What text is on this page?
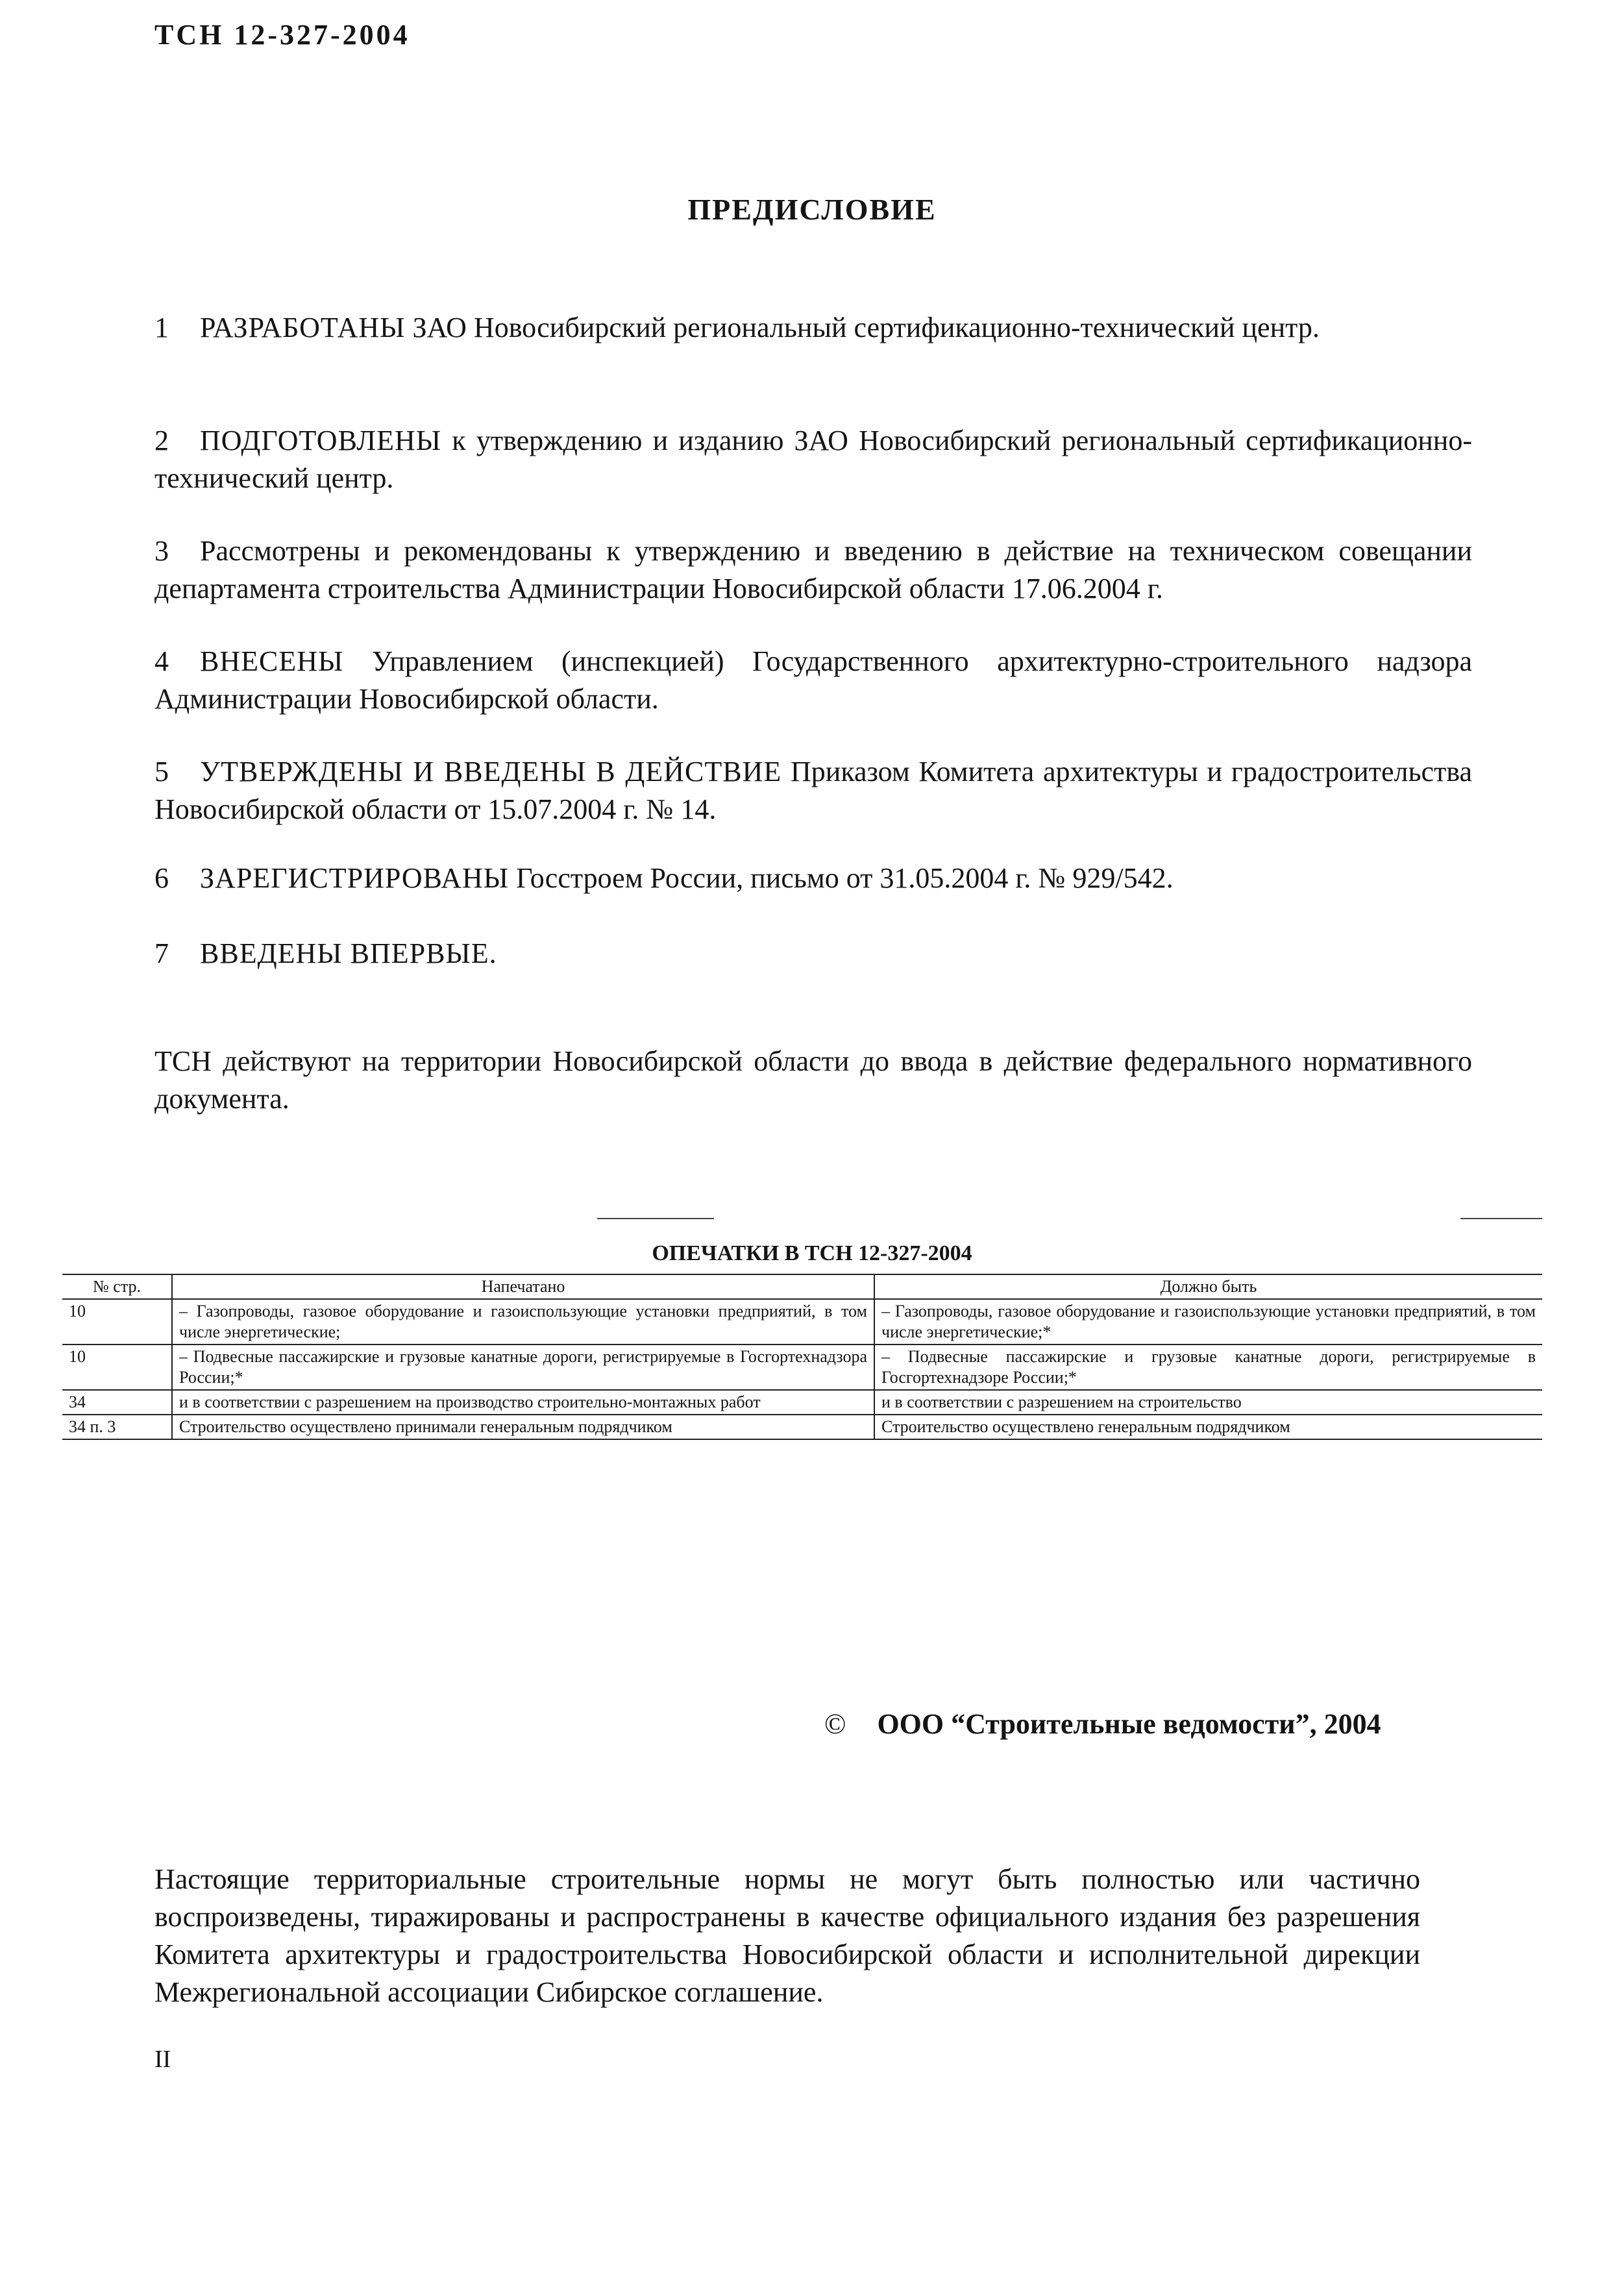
ТСН 12-327-2004
ПРЕДИСЛОВИЕ
1 РАЗРАБОТАНЫ ЗАО Новосибирский региональный сертификационно-технический центр.
2 ПОДГОТОВЛЕНЫ к утверждению и изданию ЗАО Новосибирский региональный сертификационно-технический центр.
3 Рассмотрены и рекомендованы к утверждению и введению в действие на техническом совещании департамента строительства Администрации Новосибирской области 17.06.2004 г.
4 ВНЕСЕНЫ Управлением (инспекцией) Государственного архитектурно-строительного надзора Администрации Новосибирской области.
5 УТВЕРЖДЕНЫ И ВВЕДЕНЫ В ДЕЙСТВИЕ Приказом Комитета архитектуры и градостроительства Новосибирской области от 15.07.2004 г. № 14.
6 ЗАРЕГИСТРИРОВАНЫ Госстроем России, письмо от 31.05.2004 г. № 929/542.
7 ВВЕДЕНЫ ВПЕРВЫЕ.
ТСН действуют на территории Новосибирской области до ввода в действие федерального нормативного документа.
ОПЕЧАТКИ В ТСН 12-327-2004
№ стр.	Напечатано	Должно быть
10	– Газопроводы, газовое оборудование и газоиспользующие установки предприятий, в том числе энергетические;	– Газопроводы, газовое оборудование и газоиспользующие установки предприятий, в том числе энергетические;*
10	– Подвесные пассажирские и грузовые канатные дороги, регистрируемые в Госгортехнадзора России;*	– Подвесные пассажирские и грузовые канатные дороги, регистрируемые в Госгортехнадзоре России;*
34	и в соответствии с разрешением на производство строительно-монтажных работ	и в соответствии с разрешением на строительство
34 п. 3	Строительство осуществлено принимали генеральным подрядчиком	Строительство осуществлено генеральным подрядчиком
© ООО “Строительные ведомости”, 2004
Настоящие территориальные строительные нормы не могут быть полностью или частично воспроизведены, тиражированы и распространены в качестве официального издания без разрешения Комитета архитектуры и градостроительства Новосибирской области и исполнительной дирекции Межрегиональной ассоциации Сибирское соглашение.
II
